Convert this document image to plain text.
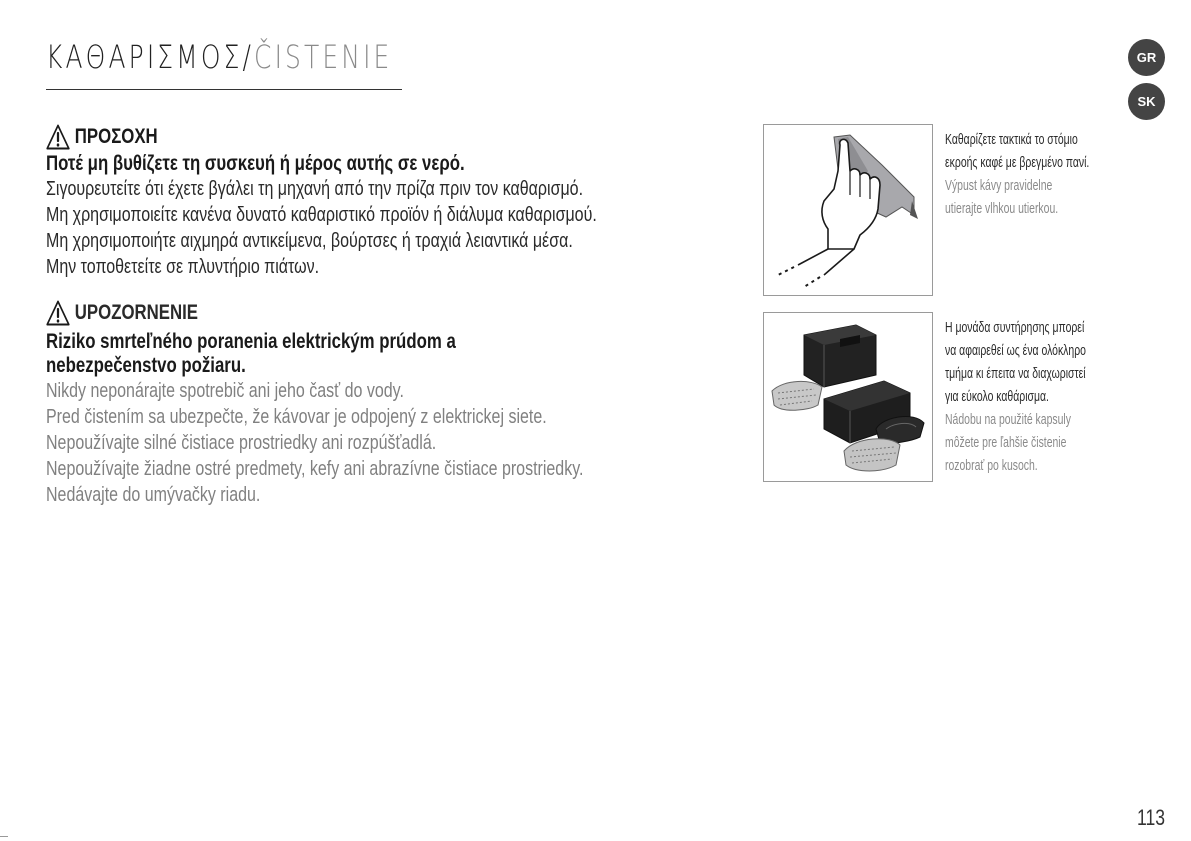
ΚΑΘΑΡΙΣΜΟΣ/ČISTENIE	GR
SK
ΠΡΟΣΟΧΗ
Ποτέ μη βυθίζετε τη συσκευή ή μέρος αυτής σε νερό.
Σιγουρευτείτε ότι έχετε βγάλει τη μηχανή από την πρίζα πριν τον καθαρισμό.
Μη χρησιμοποιείτε κανένα δυνατό καθαριστικό προϊόν ή διάλυμα καθαρισμού.
Μη χρησιμοποιήτε αιχμηρά αντικείμενα, βούρτσες ή τραχιά λειαντικά μέσα.
Μην τοποθετείτε σε πλυντήριο πιάτων.
UPOZORNENIE
Riziko smrteľného poranenia elektrickým prúdom a
nebezpečenstvo požiaru.
Nikdy neponárajte spotrebič ani jeho časť do vody.
Pred čistením sa ubezpečte, že kávovar je odpojený z elektrickej siete.
Nepoužívajte silné čistiace prostriedky ani rozpúšťadlá.
Nepoužívajte žiadne ostré predmety, kefy ani abrazívne čistiace prostriedky.
Nedávajte do umývačky riadu.
Καθαρίζετε τακτικά το στόμιο
εκροής καφέ με βρεγμένο πανί.
Výpust kávy pravidelne
utierajte vlhkou utierkou.
Η μονάδα συντήρησης μπορεί
να αφαιρεθεί ως ένα ολόκληρο
τμήμα κι έπειτα να διαχωριστεί
για εύκολο καθάρισμα.
Nádobu na použité kapsuly
môžete pre ľahšie čistenie
rozobrať po kusoch.
113
